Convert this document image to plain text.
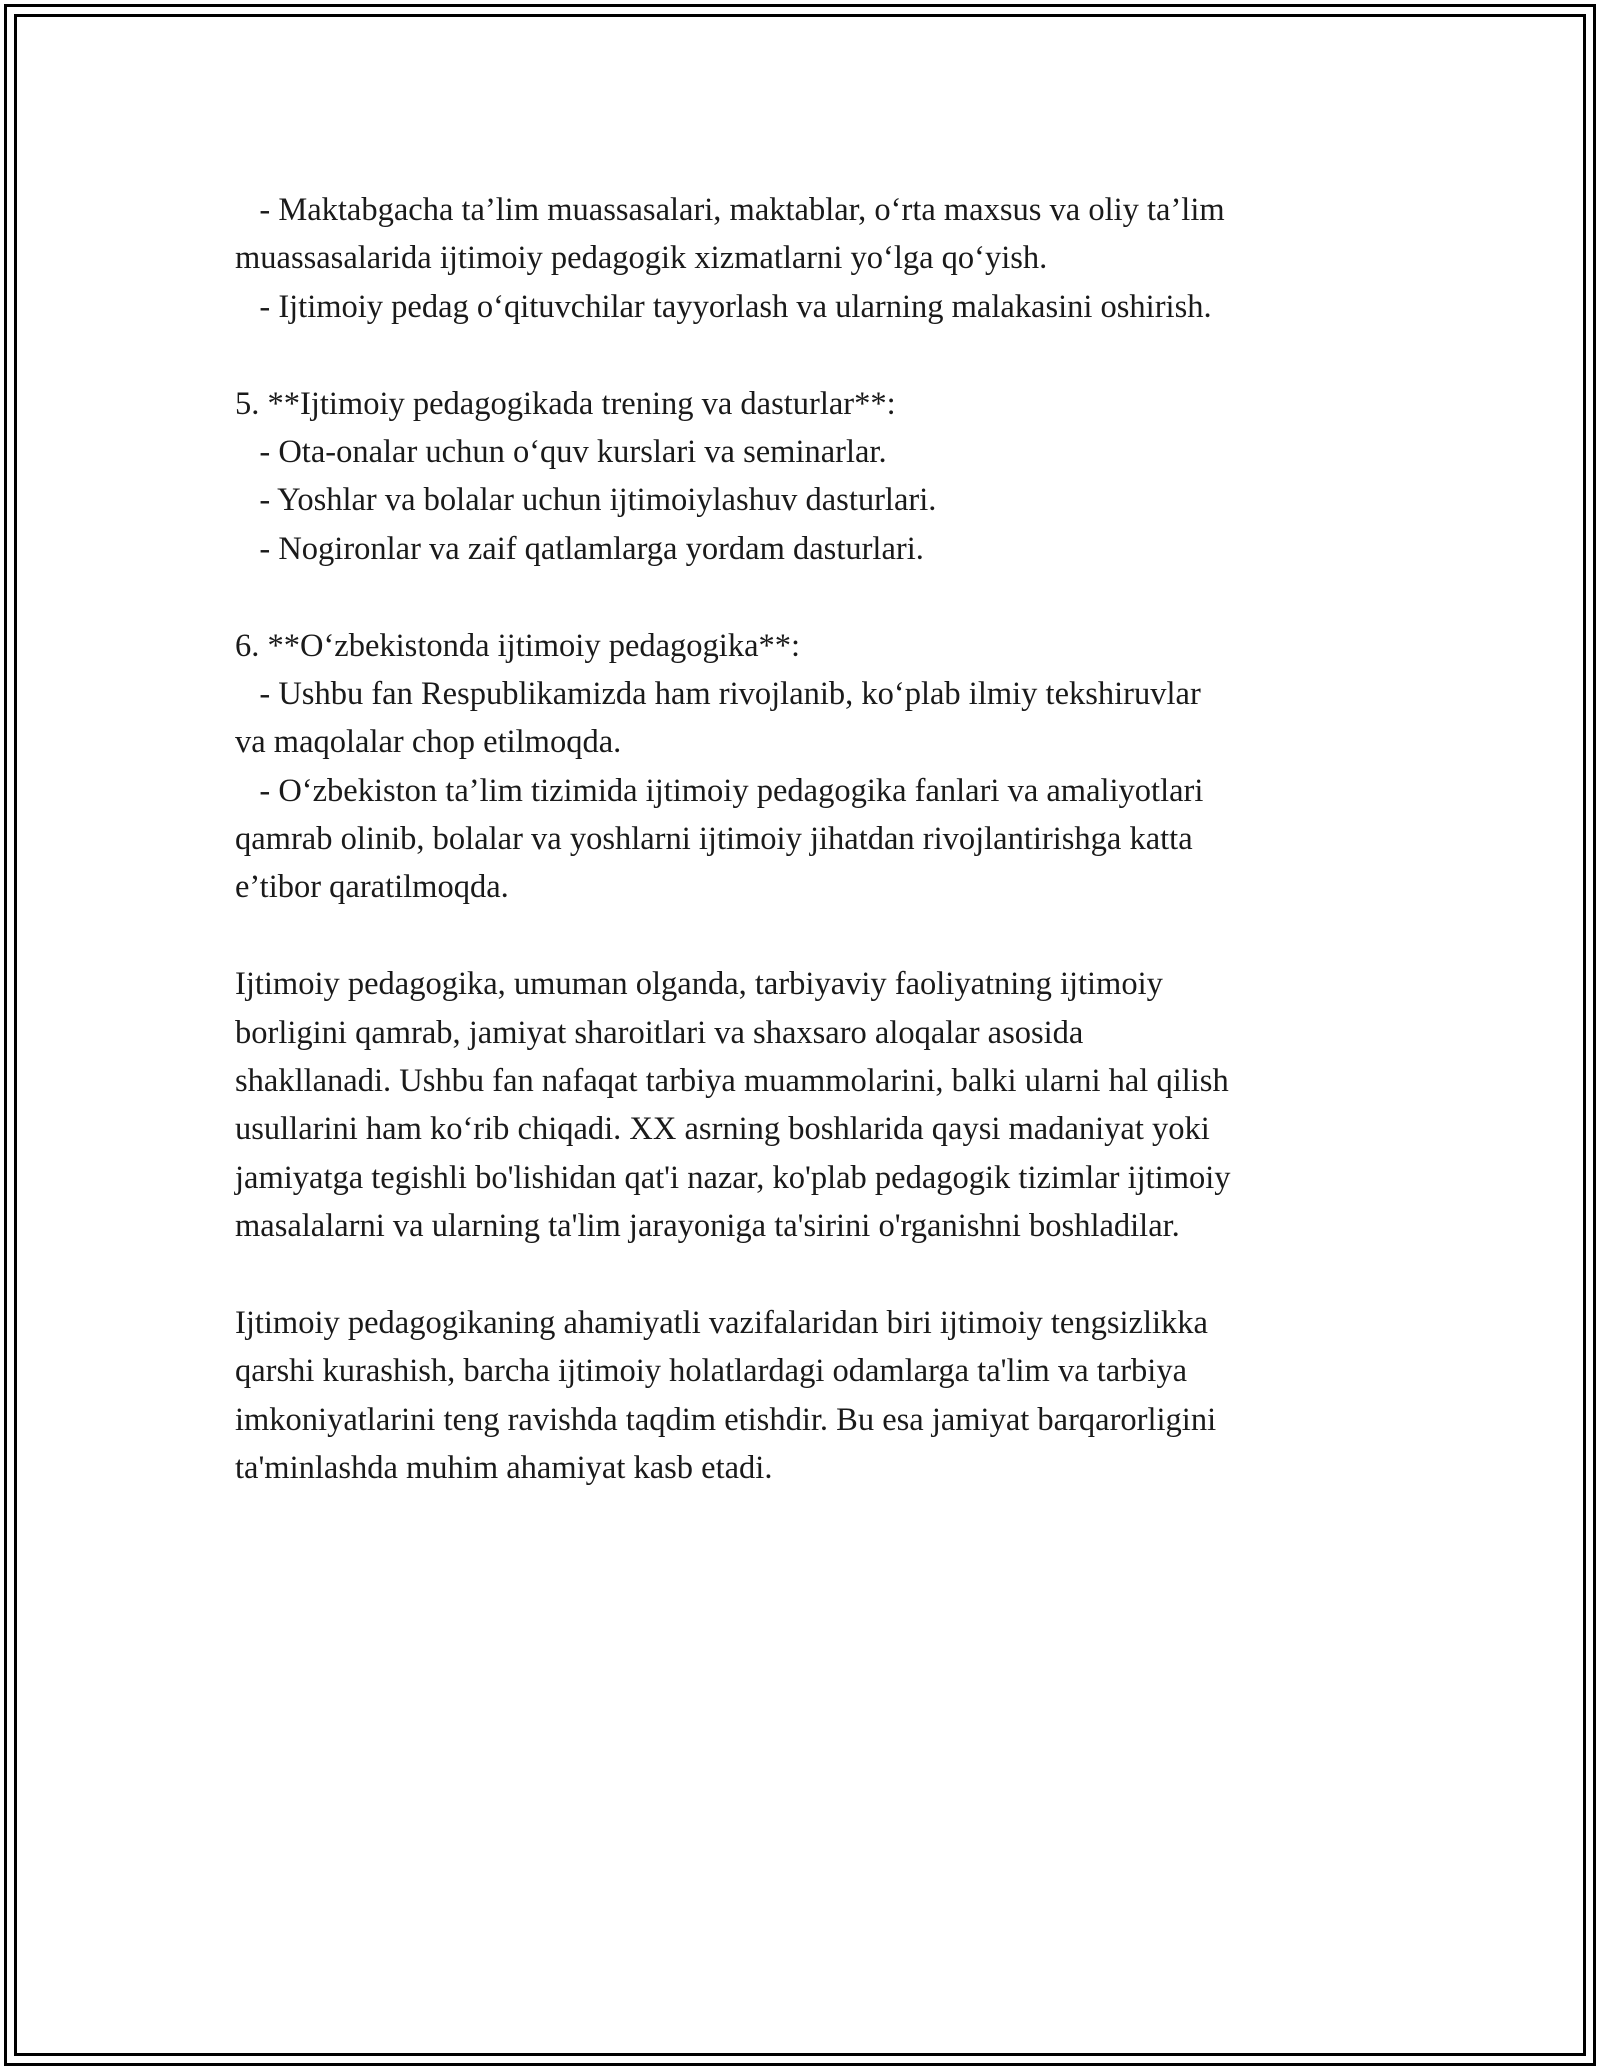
- Maktabgacha ta’lim muassasalari, maktablar, o‘rta maxsus va oliy ta’lim
muassasalarida ijtimoiy pedagogik xizmatlarni yo‘lga qo‘yish.
- Ijtimoiy pedag o‘qituvchilar tayyorlash va ularning malakasini oshirish.
5. **Ijtimoiy pedagogikada trening va dasturlar**:
- Ota-onalar uchun o‘quv kurslari va seminarlar.
- Yoshlar va bolalar uchun ijtimoiylashuv dasturlari.
- Nogironlar va zaif qatlamlarga yordam dasturlari.
6. **O‘zbekistonda ijtimoiy pedagogika**:
- Ushbu fan Respublikamizda ham rivojlanib, ko‘plab ilmiy tekshiruvlar
va maqolalar chop etilmoqda.
- O‘zbekiston ta’lim tizimida ijtimoiy pedagogika fanlari va amaliyotlari
qamrab olinib, bolalar va yoshlarni ijtimoiy jihatdan rivojlantirishga katta
e’tibor qaratilmoqda.
Ijtimoiy pedagogika, umuman olganda, tarbiyaviy faoliyatning ijtimoiy
borligini qamrab, jamiyat sharoitlari va shaxsaro aloqalar asosida
shakllanadi. Ushbu fan nafaqat tarbiya muammolarini, balki ularni hal qilish
usullarini ham ko‘rib chiqadi. XX asrning boshlarida qaysi madaniyat yoki
jamiyatga tegishli bo'lishidan qat'i nazar, ko'plab pedagogik tizimlar ijtimoiy
masalalarni va ularning ta'lim jarayoniga ta'sirini o'rganishni boshladilar.
Ijtimoiy pedagogikaning ahamiyatli vazifalaridan biri ijtimoiy tengsizlikka
qarshi kurashish, barcha ijtimoiy holatlardagi odamlarga ta'lim va tarbiya
imkoniyatlarini teng ravishda taqdim etishdir. Bu esa jamiyat barqarorligini
ta'minlashda muhim ahamiyat kasb etadi.
